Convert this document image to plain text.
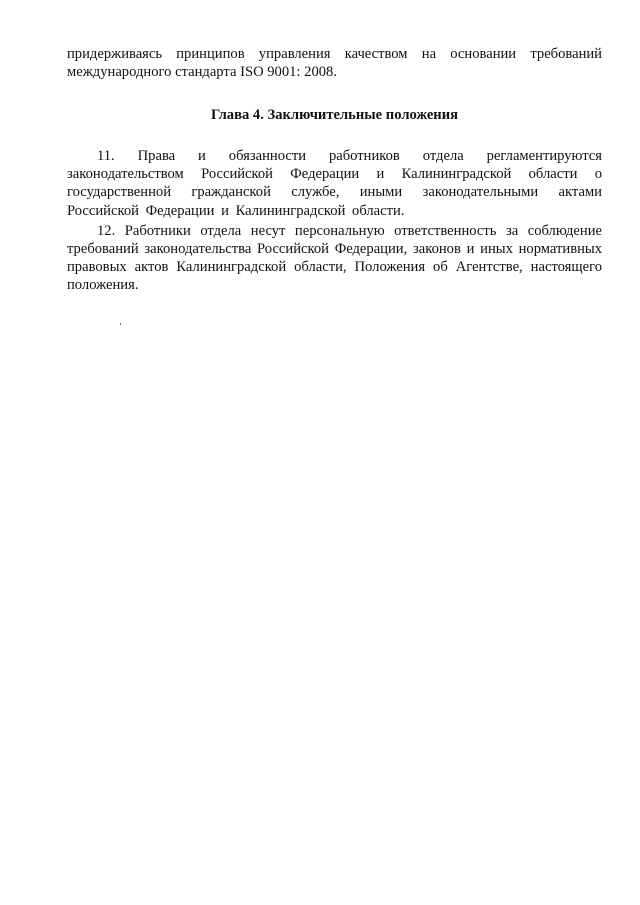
придерживаясь принципов управления качеством на основании требований международного стандарта ISO 9001: 2008.

Глава 4. Заключительные положения

11. Права и обязанности работников отдела регламентируются законодательством Российской Федерации и Калининградской области о государственной гражданской службе, иными законодательными актами Российской Федерации и Калининградской области.

12. Работники отдела несут персональную ответственность за соблюдение требований законодательства Российской Федерации, законов и иных нормативных правовых актов Калининградской области, Положения об Агентстве, настоящего положения.
